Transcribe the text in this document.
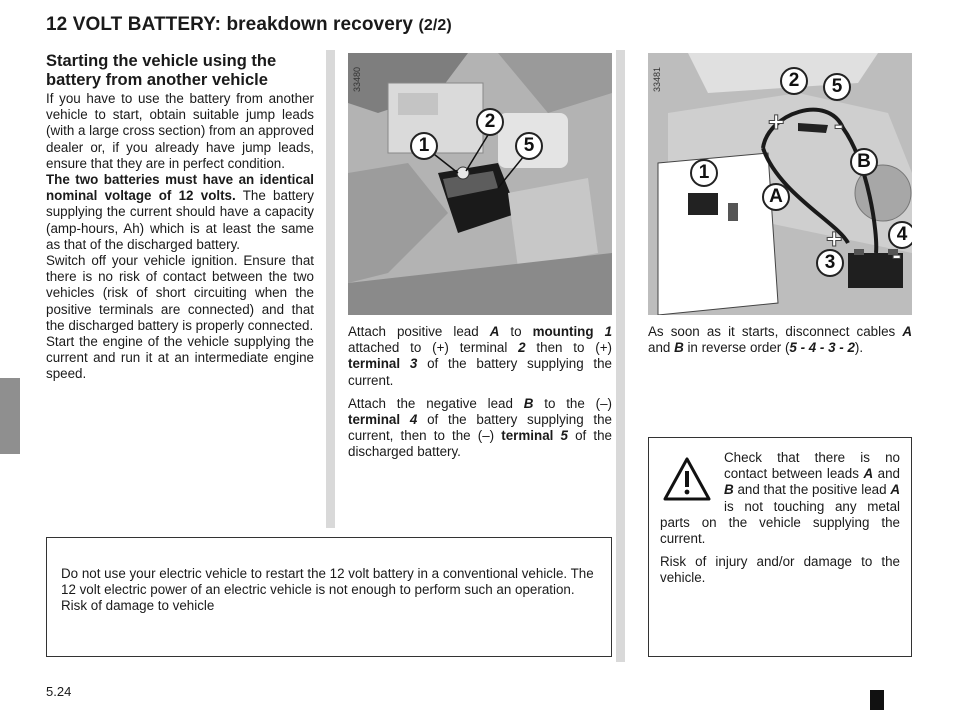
12 VOLT BATTERY: breakdown recovery (2/2)
Starting the vehicle using the battery from another vehicle

If you have to use the battery from another vehicle to start, obtain suitable jump leads (with a large cross section) from an approved dealer or, if you already have jump leads, ensure that they are in perfect condition.

The two batteries must have an identical nominal voltage of 12 volts. The battery supplying the current should have a capacity (amp-hours, Ah) which is at least the same as that of the discharged battery.

Switch off your vehicle ignition. Ensure that there is no risk of contact between the two vehicles (risk of short circuiting when the positive terminals are connected) and that the discharged battery is properly connected.

Start the engine of the vehicle supplying the current and run it at an intermediate engine speed.

2
1	5
33480	2	5
B
1
A
4
3
+ -
+
-
33481

Attach positive lead A to mounting 1 attached to (+) terminal 2 then to (+) terminal 3 of the battery supplying the current.

Attach the negative lead B to the (–) terminal 4 of the battery supplying the current, then to the (–) terminal 5 of the discharged battery.

As soon as it starts, disconnect cables A and B in reverse order (5 - 4 - 3 - 2).

Do not use your electric vehicle to restart the 12 volt battery in a conventional vehicle. The 12 volt electric power of an electric vehicle is not enough to perform such an operation.
Risk of damage to vehicle

Check that there is no contact between leads A and B and that the positive lead A is not touching any metal parts on the vehicle supplying the current.

Risk of injury and/or damage to the vehicle.

5.24
